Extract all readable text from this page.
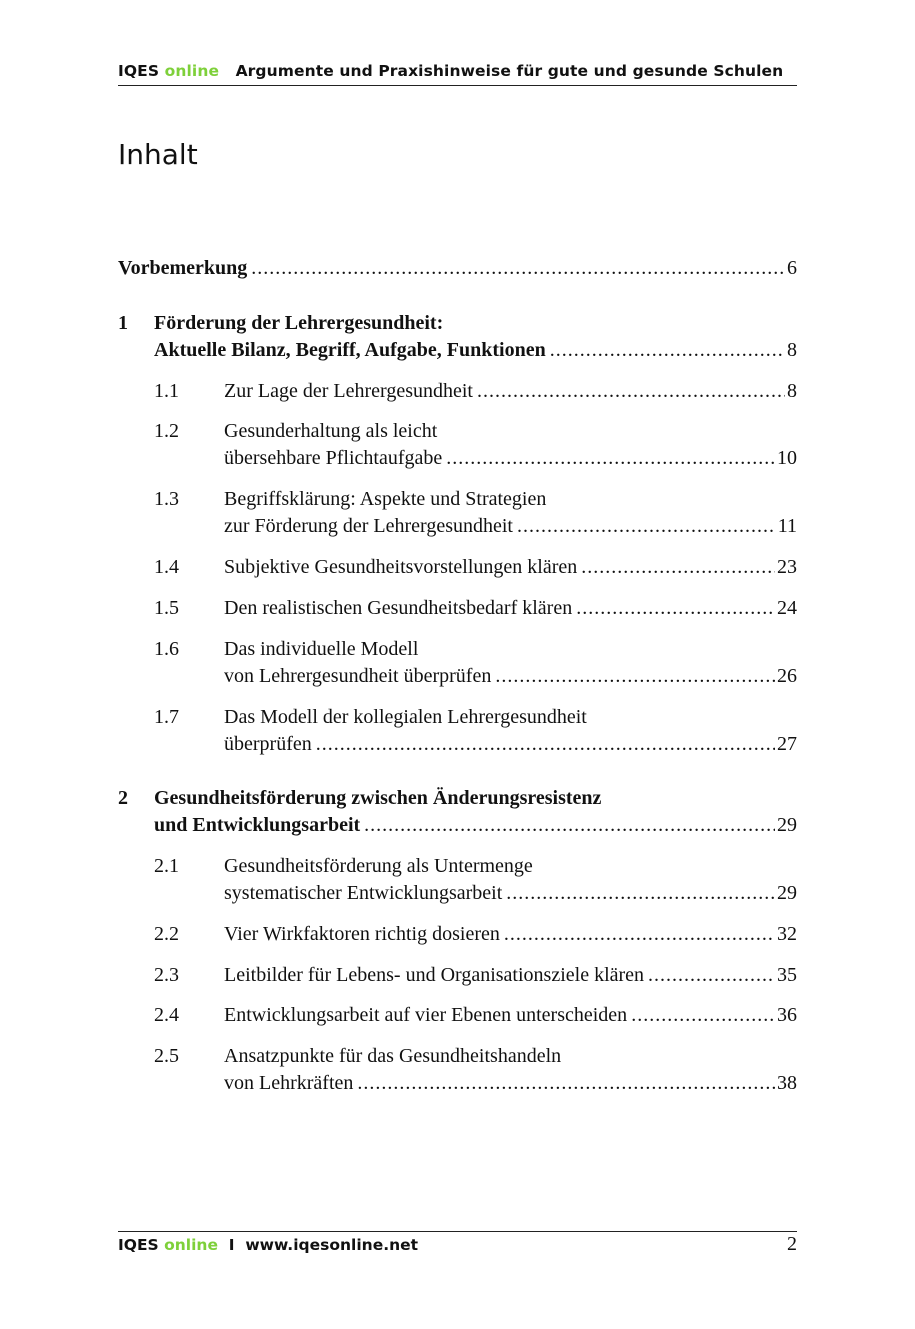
IQES online Argumente und Praxishinweise für gute und gesunde Schulen
Inhalt
Vorbemerkung .....	6
1 Förderung der Lehrergesundheit:
Aktuelle Bilanz, Begriff, Aufgabe, Funktionen .....	8
1.1 Zur Lage der Lehrergesundheit .....	8
1.2 Gesunderhaltung als leicht
übersehbare Pflichtaufgabe .....	10
1.3 Begriffsklärung: Aspekte und Strategien
zur Förderung der Lehrergesundheit .....	11
1.4 Subjektive Gesundheitsvorstellungen klären .....	23
1.5 Den realistischen Gesundheitsbedarf klären .....	24
1.6 Das individuelle Modell
von Lehrergesundheit überprüfen .....	26
1.7 Das Modell der kollegialen Lehrergesundheit
überprüfen .....	27
2 Gesundheitsförderung zwischen Änderungsresistenz
und Entwicklungsarbeit .....	29
2.1 Gesundheitsförderung als Untermenge
systematischer Entwicklungsarbeit .....	29
2.2 Vier Wirkfaktoren richtig dosieren .....	32
2.3 Leitbilder für Lebens- und Organisationsziele klären .....	35
2.4 Entwicklungsarbeit auf vier Ebenen unterscheiden .....	36
2.5 Ansatzpunkte für das Gesundheitshandeln
von Lehrkräften .....	38
IQES online I www.iqesonline.net	2
